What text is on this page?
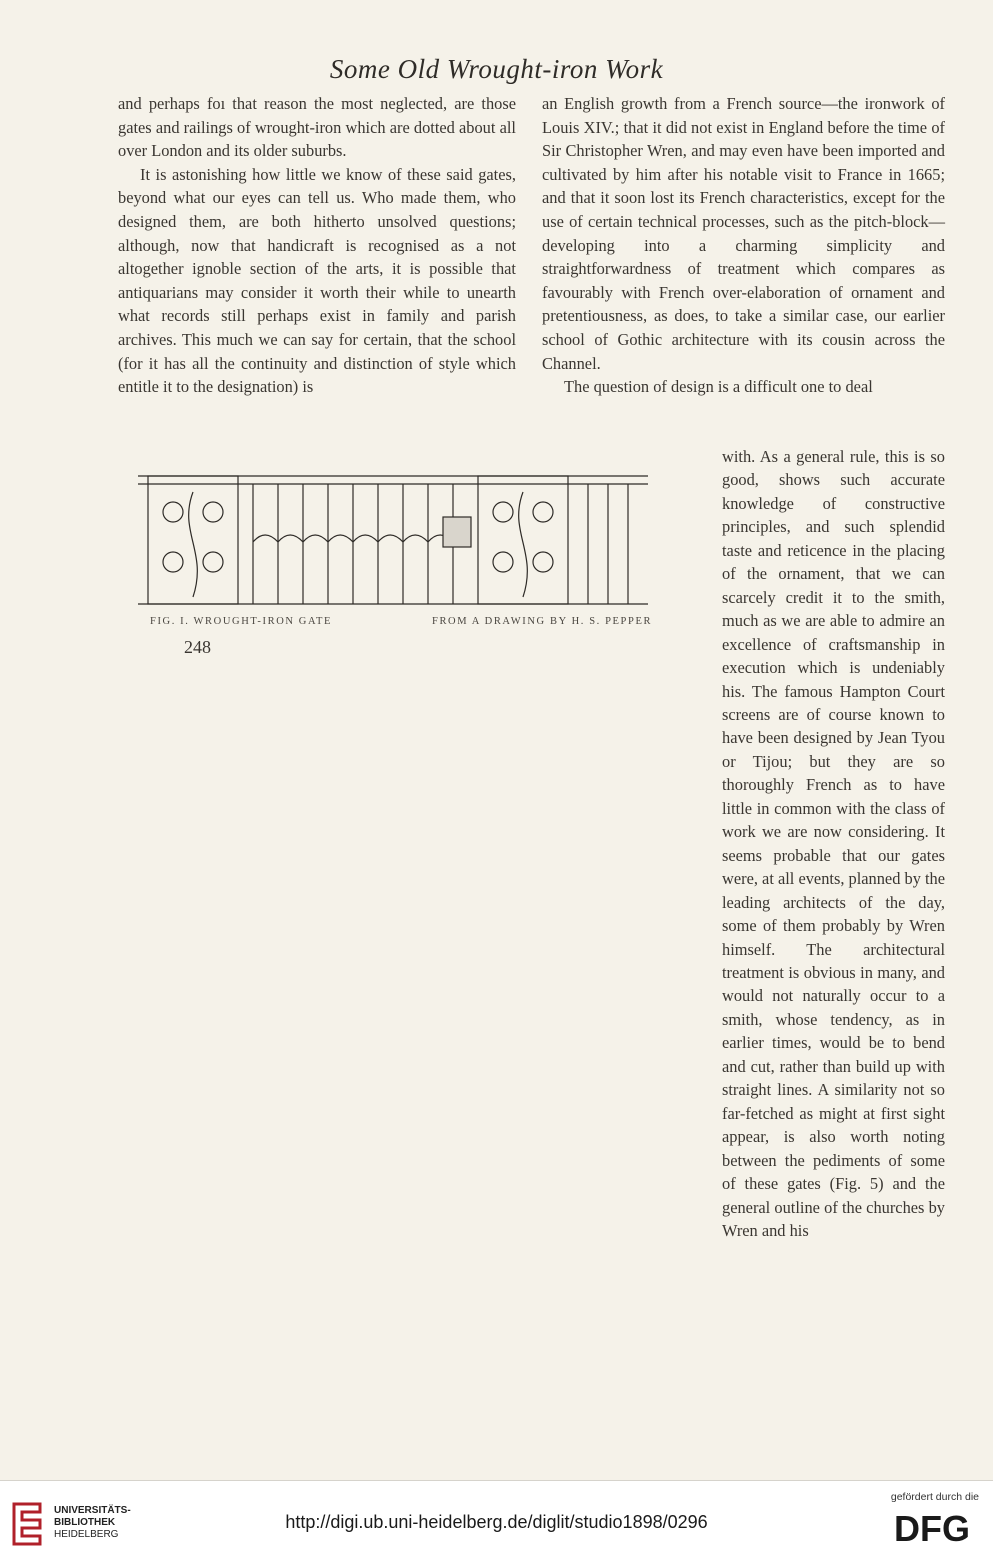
Some Old Wrought-iron Work

and perhaps foı that reason the most neglected, are those gates and railings of wrought-iron which are dotted about all over London and its older suburbs.

It is astonishing how little we know of these said gates, beyond what our eyes can tell us. Who made them, who designed them, are both hitherto unsolved questions; although, now that handicraft is recognised as a not altogether ignoble section of the arts, it is possible that antiquarians may consider it worth their while to unearth what records still perhaps exist in family and parish archives. This much we can say for certain, that the school (for it has all the continuity and distinction of style which entitle it to the designation) is

an English growth from a French source—the ironwork of Louis XIV.; that it did not exist in England before the time of Sir Christopher Wren, and may even have been imported and cultivated by him after his notable visit to France in 1665; and that it soon lost its French characteristics, except for the use of certain technical processes, such as the pitch-block—developing into a charming simplicity and straightforwardness of treatment which compares as favourably with French over-elaboration of ornament and pretentiousness, as does, to take a similar case, our earlier school of Gothic architecture with its cousin across the Channel.

The question of design is a difficult one to deal

with. As a general rule, this is so good, shows such accurate knowledge of constructive principles, and such splendid taste and reticence in the placing of the ornament, that we can scarcely credit it to the smith, much as we are able to admire an excellence of craftsmanship in execution which is undeniably his. The famous Hampton Court screens are of course known to have been designed by Jean Tyou or Tijou; but they are so thoroughly French as to have little in common with the class of work we are now considering. It seems probable that our gates were, at all events, planned by the leading architects of the day, some of them probably by Wren himself. The architectural treatment is obvious in many, and would not naturally occur to a smith, whose tendency, as in earlier times, would be to bend and cut, rather than build up with straight lines. A similarity not so far-fetched as might at first sight appear, is also worth noting between the pediments of some of these gates (Fig. 5) and the general outline of the churches by Wren and his

FIG. I. WROUGHT-IRON GATE	FROM A DRAWING BY H. S. PEPPER
248
UNIVERSITÄTS-
BIBLIOTHEK
HEIDELBERG
http://digi.ub.uni-heidelberg.de/diglit/studio1898/0296
gefördert durch die
DFG
